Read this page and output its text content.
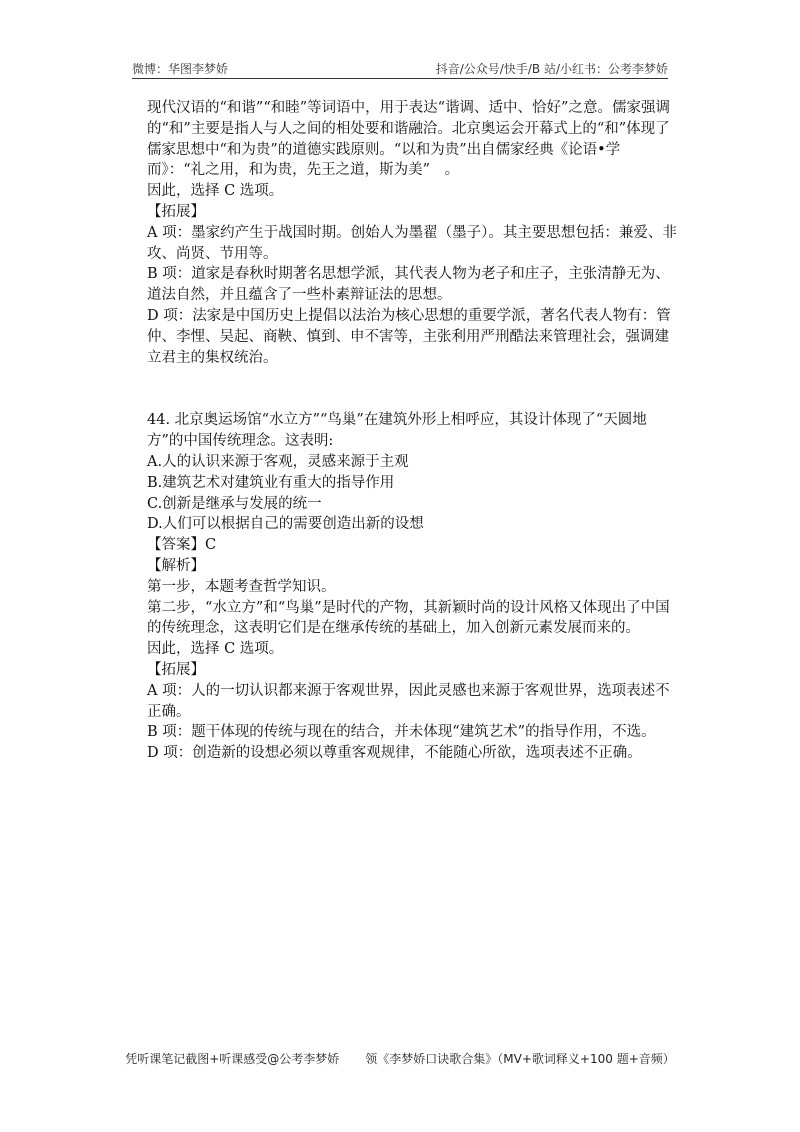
微博：华图李梦娇	抖音/公众号/快手/B 站/小红书：公考李梦娇

现代汉语的“和谐”“和睦”等词语中，用于表达“谐调、适中、恰好”之意。儒家强调的“和”主要是指人与人之间的相处要和谐融洽。北京奥运会开幕式上的“和”体现了儒家思想中“和为贵”的道德实践原则。“以和为贵”出自儒家经典《论语•学而》：“礼之用，和为贵，先王之道，斯为美”　。

因此，选择 C 选项。

【拓展】

A 项：墨家约产生于战国时期。创始人为墨翟（墨子）。其主要思想包括：兼爱、非攻、尚贤、节用等。

B 项：道家是春秋时期著名思想学派，其代表人物为老子和庄子，主张清静无为、道法自然，并且蕴含了一些朴素辩证法的思想。

D 项：法家是中国历史上提倡以法治为核心思想的重要学派，著名代表人物有：管仲、李悝、吴起、商鞅、慎到、申不害等，主张利用严刑酷法来管理社会，强调建立君主的集权统治。

44. 北京奥运场馆“水立方”“鸟巢”在建筑外形上相呼应，其设计体现了“天圆地方”的中国传统理念。这表明:

A.人的认识来源于客观，灵感来源于主观

B.建筑艺术对建筑业有重大的指导作用

C.创新是继承与发展的统一

D.人们可以根据自己的需要创造出新的设想

【答案】C

【解析】

第一步，本题考查哲学知识。

第二步，“水立方”和“鸟巢”是时代的产物，其新颖时尚的设计风格又体现出了中国的传统理念，这表明它们是在继承传统的基础上，加入创新元素发展而来的。

因此，选择 C 选项。

【拓展】

A 项：人的一切认识都来源于客观世界，因此灵感也来源于客观世界，选项表述不正确。

B 项：题干体现的传统与现在的结合，并未体现“建筑艺术”的指导作用，不选。

D 项：创造新的设想必须以尊重客观规律，不能随心所欲，选项表述不正确。

凭听课笔记截图+听课感受@公考李梦娇 领《李梦娇口诀歌合集》（MV+歌词释义+100 题+音频）
